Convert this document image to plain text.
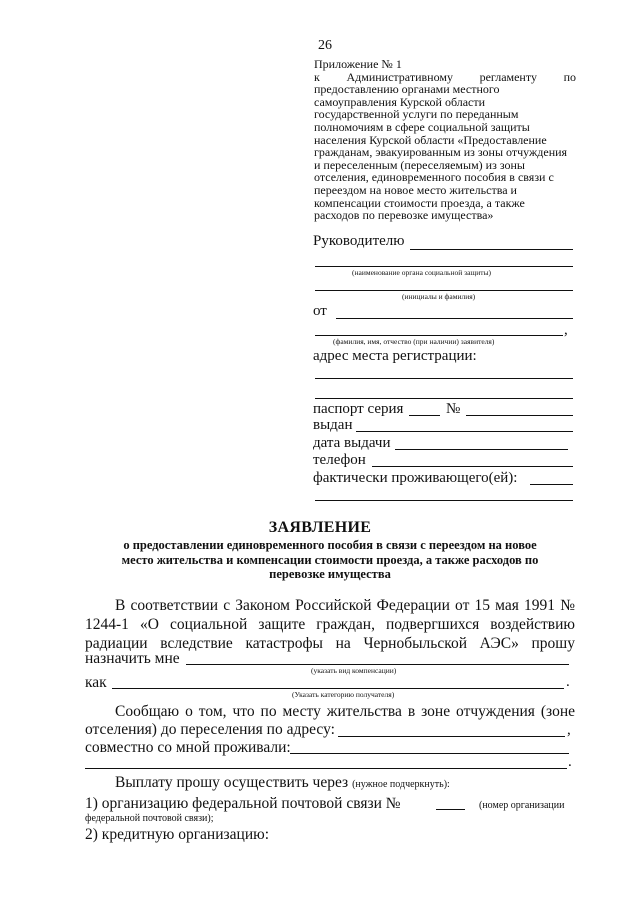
26
Приложение № 1
к Административному регламенту по
предоставлению органами местного
самоуправления Курской области
государственной услуги по переданным
полномочиям в сфере социальной защиты
населения Курской области «Предоставление
гражданам, эвакуированным из зоны отчуждения
и переселенным (переселяемым) из зоны
отселения, единовременного пособия в связи с
переездом на новое место жительства и
компенсации стоимости проезда, а также
расходов по перевозке имущества»
Руководителю
(наименование органа социальной защиты)
(инициалы и фамилия)
от
,
(фамилия, имя, отчество (при наличии) заявителя)
адрес места регистрации:
паспорт серия	№
выдан
дата выдачи
телефон
фактически проживающего(ей):
ЗАЯВЛЕНИЕ
о предоставлении единовременного пособия в связи с переездом на новое
место жительства и компенсации стоимости проезда, а также расходов по
перевозке имущества
В соответствии с Законом Российской Федерации от 15 мая 1991 №
1244-1 «О социальной защите граждан, подвергшихся воздействию
радиации вследствие катастрофы на Чернобыльской АЭС» прошу
назначить мне
(указать вид компенсации)
как	.
(Указать категорию получателя)
Сообщаю о том, что по месту жительства в зоне отчуждения (зоне
отселения) до переселения по адресу:	,
совместно со мной проживали:
.
Выплату прошу осуществить через (нужное подчеркнуть):
1) организацию федеральной почтовой связи №	(номер организации
федеральной почтовой связи);
2) кредитную организацию:
